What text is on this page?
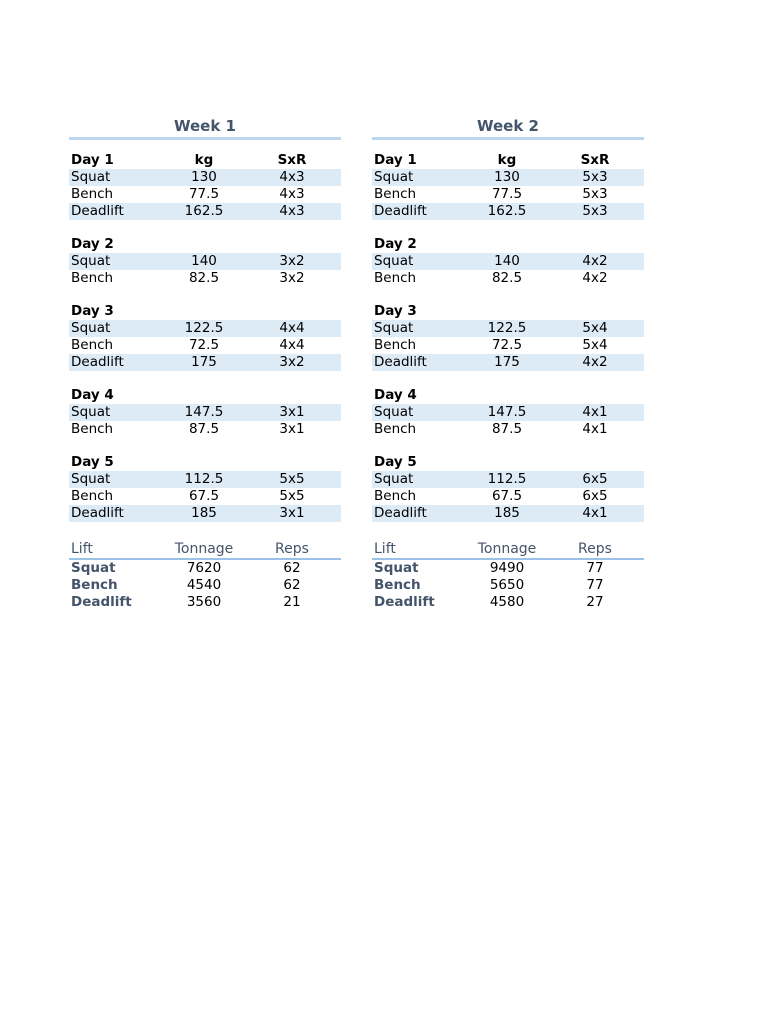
Week 1
Day 1	kg	SxR
Squat	130	4x3
Bench	77.5	4x3
Deadlift	162.5	4x3
Day 2
Squat	140	3x2
Bench	82.5	3x2
Day 3
Squat	122.5	4x4
Bench	72.5	4x4
Deadlift	175	3x2
Day 4
Squat	147.5	3x1
Bench	87.5	3x1
Day 5
Squat	112.5	5x5
Bench	67.5	5x5
Deadlift	185	3x1
Lift	Tonnage	Reps
Squat	7620	62
Bench	4540	62
Deadlift	3560	21
Week 2
Day 1	kg	SxR
Squat	130	5x3
Bench	77.5	5x3
Deadlift	162.5	5x3
Day 2
Squat	140	4x2
Bench	82.5	4x2
Day 3
Squat	122.5	5x4
Bench	72.5	5x4
Deadlift	175	4x2
Day 4
Squat	147.5	4x1
Bench	87.5	4x1
Day 5
Squat	112.5	6x5
Bench	67.5	6x5
Deadlift	185	4x1
Lift	Tonnage	Reps
Squat	9490	77
Bench	5650	77
Deadlift	4580	27
